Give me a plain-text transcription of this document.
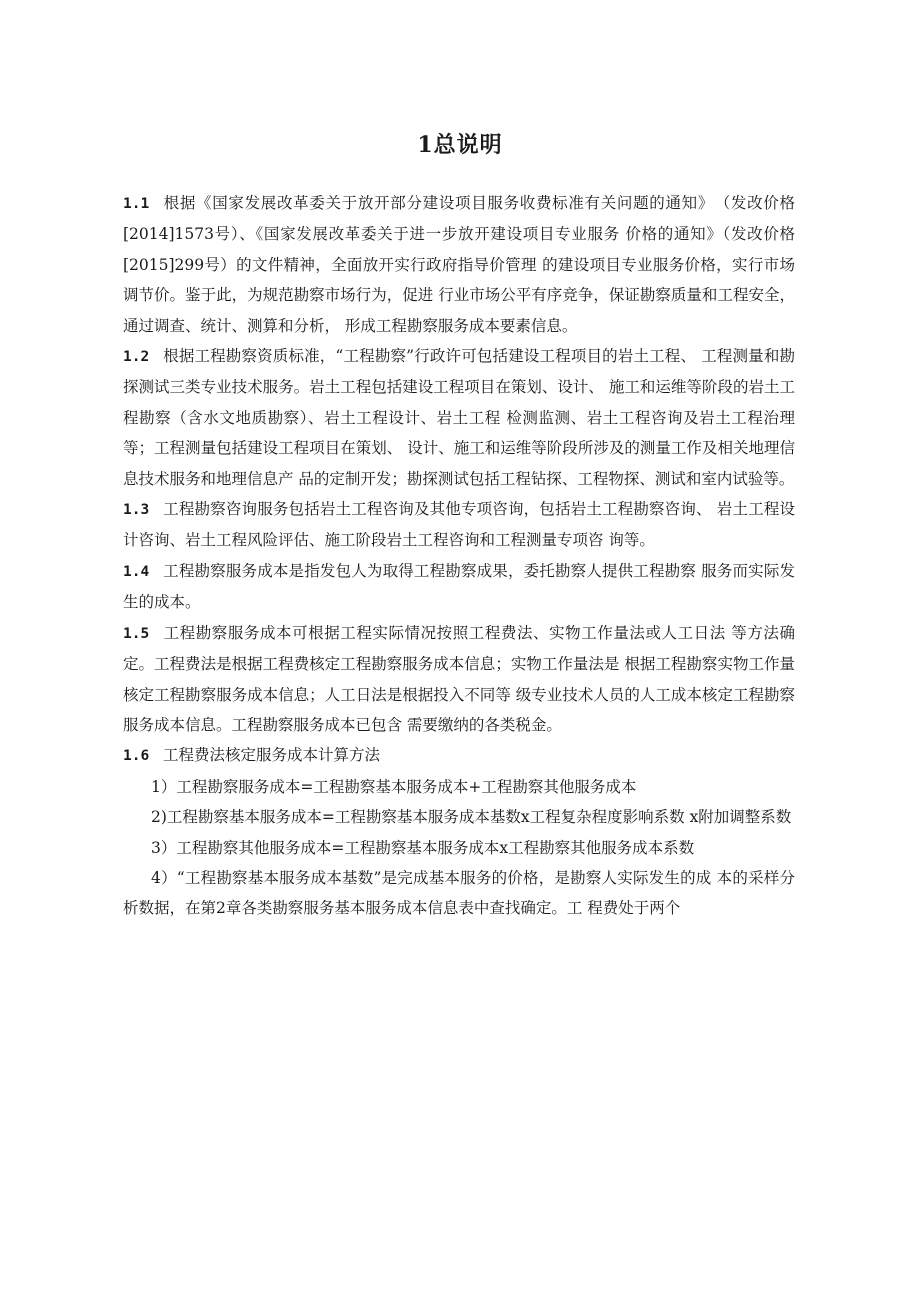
1总说明

1.1 根据《国家发展改革委关于放开部分建设项目服务收费标准有关问题的通知》　（发改价格[2014]1573号）、《国家发展改革委关于进一步放开建设项目专业服务 价格的通知》（发改价格[2015]299号）的文件精神，全面放开实行政府指导价管理 的建设项目专业服务价格，实行市场调节价。鉴于此，为规范勘察市场行为，促进 行业市场公平有序竞争，保证勘察质量和工程安全，通过调查、统计、测算和分析， 形成工程勘察服务成本要素信息。

1.2 根据工程勘察资质标准，“工程勘察”行政许可包括建设工程项目的岩土工程、 工程测量和勘探测试三类专业技术服务。岩土工程包括建设工程项目在策划、设计、 施工和运维等阶段的岩土工程勘察（含水文地质勘察）、岩土工程设计、岩土工程 检测监测、岩土工程咨询及岩土工程治理等；工程测量包括建设工程项目在策划、 设计、施工和运维等阶段所涉及的测量工作及相关地理信息技术服务和地理信息产 品的定制开发；勘探测试包括工程钻探、工程物探、测试和室内试验等。

1.3 工程勘察咨询服务包括岩土工程咨询及其他专项咨询，包括岩土工程勘察咨询、 岩土工程设计咨询、岩土工程风险评估、施工阶段岩土工程咨询和工程测量专项咨 询等。

1.4 工程勘察服务成本是指发包人为取得工程勘察成果，委托勘察人提供工程勘察 服务而实际发生的成本。

1.5 工程勘察服务成本可根据工程实际情况按照工程费法、实物工作量法或人工日法 等方法确定。工程费法是根据工程费核定工程勘察服务成本信息；实物工作量法是 根据工程勘察实物工作量核定工程勘察服务成本信息；人工日法是根据投入不同等 级专业技术人员的人工成本核定工程勘察服务成本信息。工程勘察服务成本已包含 需要缴纳的各类税金。

1.6 工程费法核定服务成本计算方法

1）工程勘察服务成本=工程勘察基本服务成本+工程勘察其他服务成本

2)工程勘察基本服务成本=工程勘察基本服务成本基数x工程复杂程度影响系数 x附加调整系数

3）工程勘察其他服务成本=工程勘察基本服务成本x工程勘察其他服务成本系数

4）“工程勘察基本服务成本基数”是完成基本服务的价格，是勘察人实际发生的成 本的采样分析数据，在第2章各类勘察服务基本服务成本信息表中查找确定。工 程费处于两个
